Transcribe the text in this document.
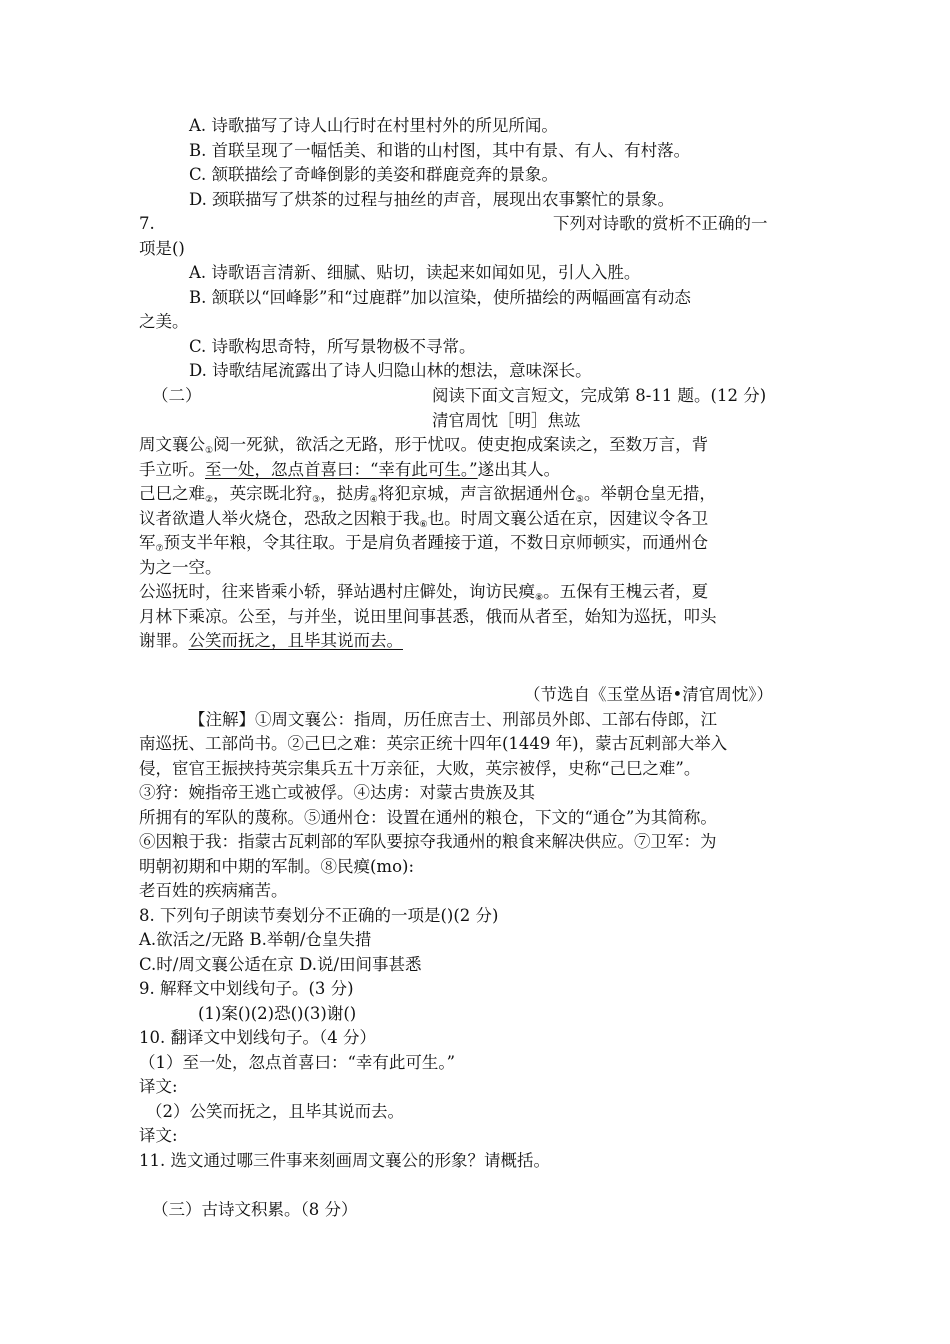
A. 诗歌描写了诗人山行时在村里村外的所见所闻。
B. 首联呈现了一幅恬美、和谐的山村图，其中有景、有人、有村落。
C. 颔联描绘了奇峰倒影的美姿和群鹿竞奔的景象。
D. 颈联描写了烘茶的过程与抽丝的声音，展现出农事繁忙的景象。
7.	下列对诗歌的赏析不正确的一
项是()
A. 诗歌语言清新、细腻、贴切，读起来如闻如见，引人入胜。
B. 颔联以“回峰影”和“过鹿群”加以渲染，使所描绘的两幅画富有动态
之美。
C. 诗歌构思奇特，所写景物极不寻常。
D. 诗歌结尾流露出了诗人归隐山林的想法，意味深长。
（二）	阅读下面文言短文，完成第 8-11 题。(12 分)
清官周忱［明］焦竑
周文襄公$_①$阅一死狱，欲活之无路，形于忧叹。使吏抱成案读之，至数万言，背
手立听。至一处，忽点首喜曰：“幸有此可生。”遂出其人。
己巳之难$_②$，英宗既北狩$_③$，挞虏$_④$将犯京城，声言欲据通州仓$_⑤$。举朝仓皇无措，
议者欲遣人举火烧仓，恐敌之因粮于我$_⑥$也。时周文襄公适在京，因建议令各卫
军$_⑦$预支半年粮，令其往取。于是肩负者踵接于道，不数日京师顿实，而通州仓
为之一空。
公巡抚时，往来皆乘小轿，驿站遇村庄僻处，询访民瘼$_⑧$。五保有王槐云者，夏
月林下乘凉。公至，与并坐，说田里间事甚悉，俄而从者至，始知为巡抚，叩头
谢罪。公笑而抚之，且毕其说而去。
（节选自《玉堂丛语•清官周忱》）
【注解】①周文襄公：指周，历任庶吉士、刑部员外郎、工部右侍郎，江
南巡抚、工部尚书。②己巳之难：英宗正统十四年(1449 年)，蒙古瓦剌部大举入
侵，宦官王振挟持英宗集兵五十万亲征，大败，英宗被俘，史称“己巳之难”。
③狩：婉指帝王逃亡或被俘。④达虏：对蒙古贵族及其
所拥有的军队的蔑称。⑤通州仓：设置在通州的粮仓，下文的“通仓”为其简称。
⑥因粮于我：指蒙古瓦剌部的军队要掠夺我通州的粮食来解决供应。⑦卫军：为
明朝初期和中期的军制。⑧民瘼(mo):
老百姓的疾病痛苦。
8. 下列句子朗读节奏划分不正确的一项是()(2 分)
A.欲活之/无路 B.举朝/仓皇失措
C.时/周文襄公适在京 D.说/田间事甚悉
9. 解释文中划线句子。(3 分)
(1)案()(2)恐()(3)谢()
10. 翻译文中划线句子。（4 分）
（1）至一处，忽点首喜曰：“幸有此可生。”
译文:
（2）公笑而抚之，且毕其说而去。
译文:
11. 选文通过哪三件事来刻画周文襄公的形象？请概括。
（三）古诗文积累。（8 分）
